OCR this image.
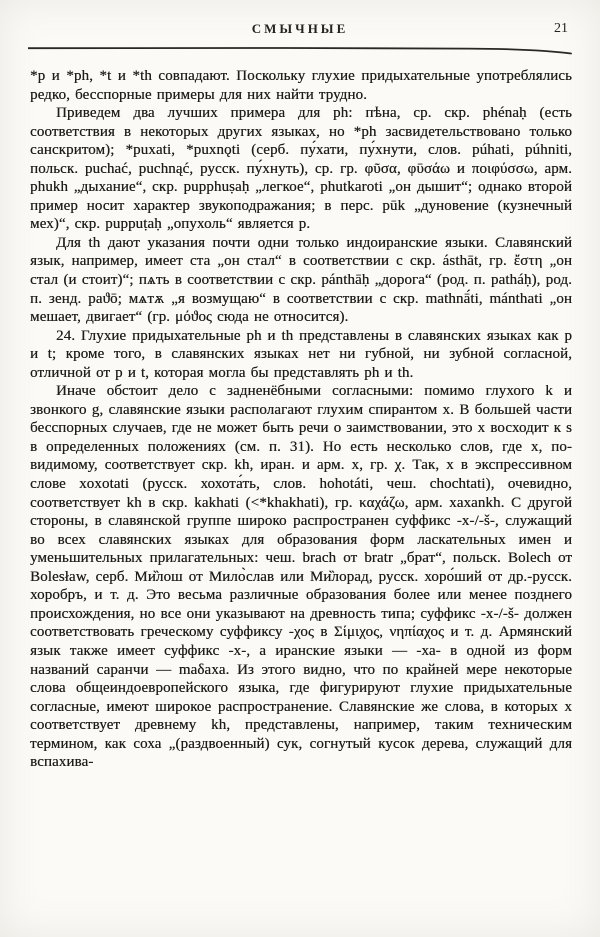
СМЫЧНЫЕ	21

*p и *ph, *t и *th совпадают. Поскольку глухие придыхательные употреблялись редко, бесспорные примеры для них найти трудно.

Приведем два лучших примера для ph: пѣна, ср. скр. phénaḥ (есть соответствия в некоторых других языках, но *ph засвидетельствовано только санскритом); *puxati, *puxnǫti (серб. пу́хати, пу́хнути, слов. púhati, púhniti, польск. puchać, puchnąć, русск. пу́хнуть), ср. гр. φῦσα, φῡσάω и ποιφύσσω, арм. phukh „дыхание“, скр. pupphuṣaḥ „легкое“, phutkaroti „он дышит“; однако второй пример носит характер звукоподражания; в перс. pūk „дуновение (кузнечный мех)“, скр. puppuṭaḥ „опухоль“ является p.

Для th дают указания почти одни только индоиранские языки. Славянский язык, например, имеет ста „он стал“ в соответствии с скр. ásthāt, гр. ἔστη „он стал (и стоит)“; пѧть в соответствии с скр. pánthāḥ „дорога“ (род. п. patháḥ), род. п. зенд. paϑō; мѧтѫ „я возмущаю“ в соответствии с скр. mathnā́ti, mánthati „он мешает, двигает“ (гр. μόϑος сюда не относится).

24. Глухие придыхательные ph и th представлены в славянских языках как p и t; кроме того, в славянских языках нет ни губной, ни зубной согласной, отличной от p и t, которая могла бы представлять ph и th.

Иначе обстоит дело с задненёбными согласными: помимо глухого k и звонкого g, славянские языки располагают глухим спирантом x. В большей части бесспорных случаев, где не может быть речи о заимствовании, это x восходит к s в определенных положениях (см. п. 31). Но есть несколько слов, где x, по-видимому, соответствует скр. kh, иран. и арм. x, гр. χ. Так, x в экспрессивном слове xoxotati (русск. хохота́ть, слов. hohotáti, чеш. chochtati), очевидно, соответствует kh в скр. kakhati (<*khakhati), гр. καχάζω, арм. xaxankh. С другой стороны, в славянской группе широко распространен суффикс -x-/-š-, служащий во всех славянских языках для образования форм ласкательных имен и уменьшительных прилагательных: чеш. brach от bratr „брат“, польск. Bolech от Bolesław, серб. Ми̏лош от Мило̀слав или Ми̏лорад, русск. хоро́ший от др.-русск. хоробръ, и т. д. Это весьма различные образования более или менее позднего происхождения, но все они указывают на древность типа; суффикс -x-/-š- должен соответствовать греческому суффиксу -χος в Σίμιχος, νηπίαχος и т. д. Армянский язык также имеет суффикс -x-, а иранские языки — -xa- в одной из форм названий саранчи — maδaxa. Из этого видно, что по крайней мере некоторые слова общеиндоевропейского языка, где фигурируют глухие придыхательные согласные, имеют широкое распространение. Славянские же слова, в которых x соответствует древнему kh, представлены, например, таким техническим термином, как соха „(раздвоенный) сук, согнутый кусок дерева, служащий для вспахива-
